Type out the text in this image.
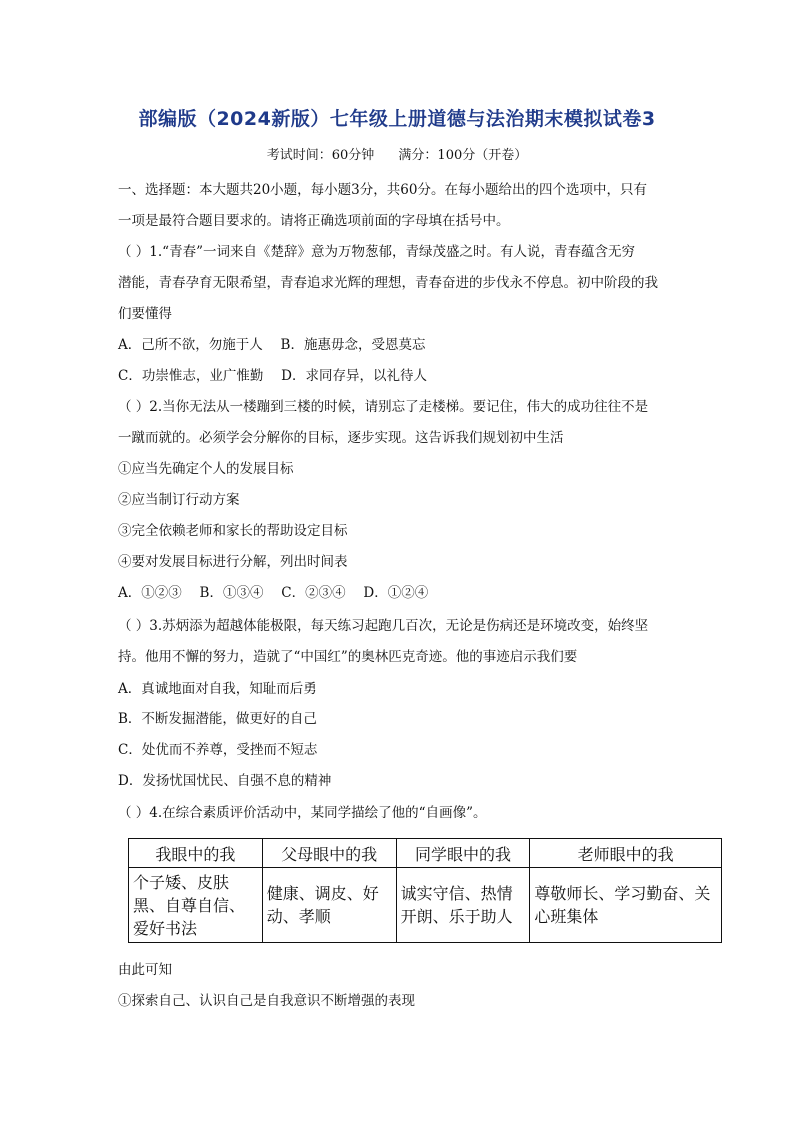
部编版（2024新版）七年级上册道德与法治期末模拟试卷3
考试时间：60分钟 满分：100分（开卷）
一、选择题：本大题共20小题，每小题3分，共60分。在每小题给出的四个选项中，只有
一项是最符合题目要求的。请将正确选项前面的字母填在括号中。
（ ）1.“青春”一词来自《楚辞》意为万物葱郁，青绿茂盛之时。有人说，青春蕴含无穷
潜能，青春孕育无限希望，青春追求光辉的理想，青春奋进的步伐永不停息。初中阶段的我
们要懂得
A．己所不欲，勿施于人　 B．施惠毋念，受恩莫忘
C．功崇惟志，业广惟勤　 D．求同存异，以礼待人
（ ）2.当你无法从一楼蹦到三楼的时候，请别忘了走楼梯。要记住，伟大的成功往往不是
一蹴而就的。必须学会分解你的目标，逐步实现。这告诉我们规划初中生活
①应当先确定个人的发展目标
②应当制订行动方案
③完全依赖老师和家长的帮助设定目标
④要对发展目标进行分解，列出时间表
A．①②③　 B．①③④　 C．②③④　 D．①②④
（ ）3.苏炳添为超越体能极限，每天练习起跑几百次，无论是伤病还是环境改变，始终坚
持。他用不懈的努力，造就了“中国红”的奥林匹克奇迹。他的事迹启示我们要
A．真诚地面对自我，知耻而后勇
B．不断发掘潜能，做更好的自己
C．处优而不养尊，受挫而不短志
D．发扬忧国忧民、自强不息的精神
（ ）4.在综合素质评价活动中，某同学描绘了他的“自画像”。
我眼中的我	父母眼中的我	同学眼中的我	老师眼中的我
个子矮、皮肤黑、自尊自信、爱好书法	健康、调皮、好动、孝顺	诚实守信、热情开朗、乐于助人	尊敬师长、学习勤奋、关心班集体
由此可知
①探索自己、认识自己是自我意识不断增强的表现
